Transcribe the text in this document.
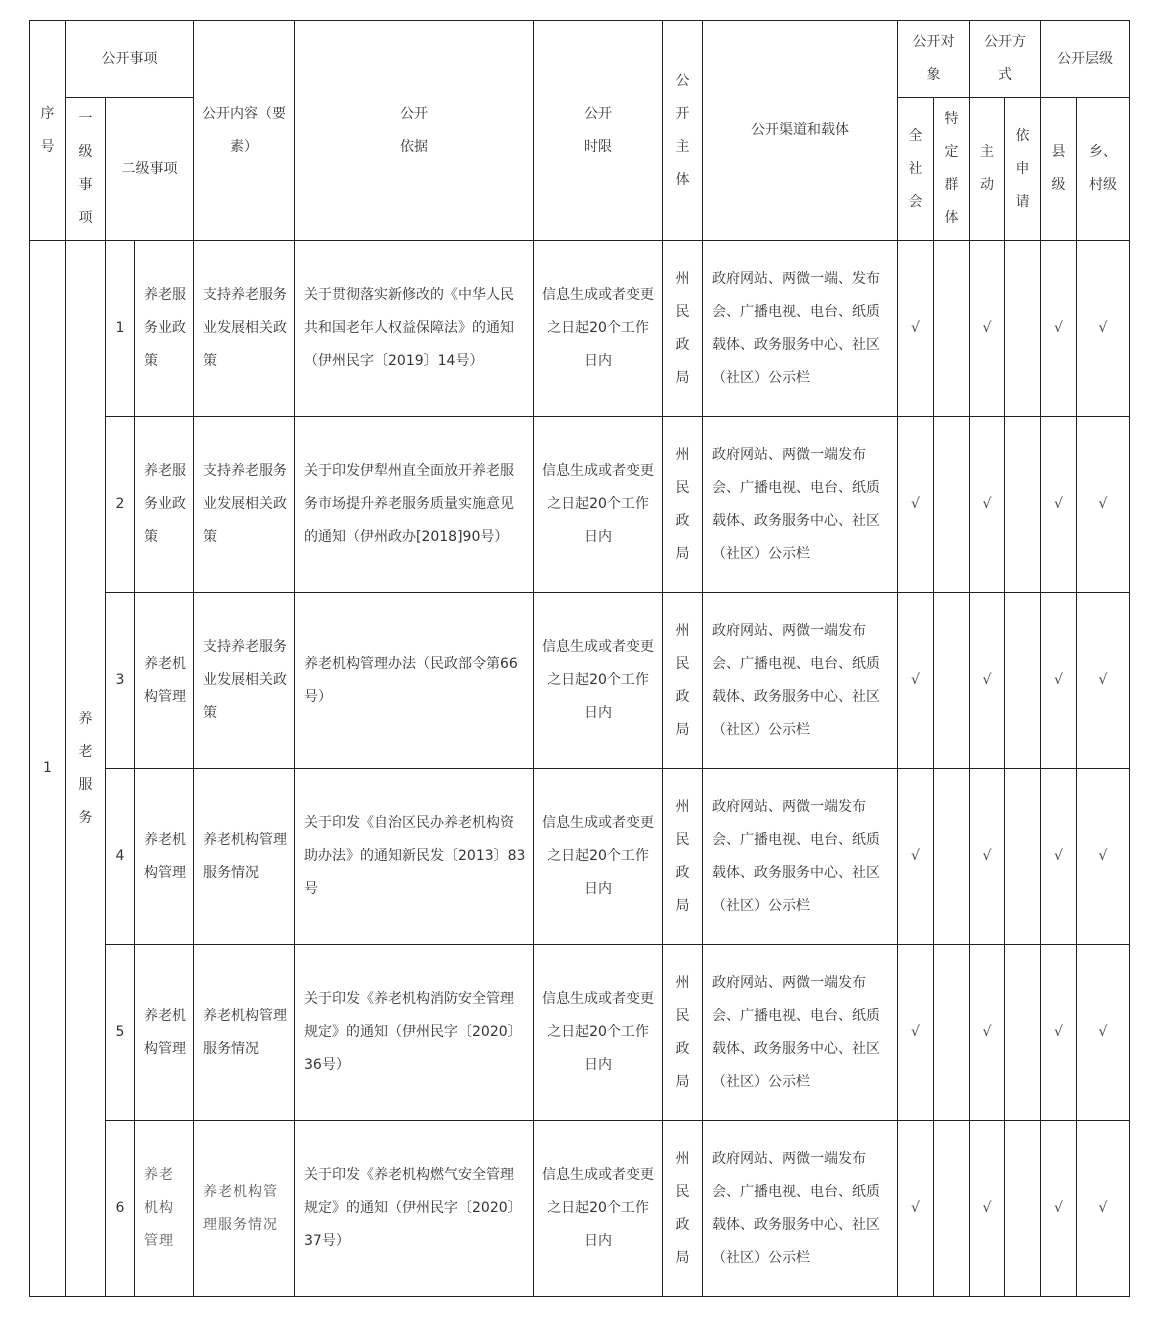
序号	公开事项			公开内容（要素）	公开依据	公开时限	公开主体	公开渠道和载体	公开对象		公开方式		公开层级	
	一级事项	二级事项							全社会	特定群体	主动	依申请	县级	乡、村级
1	养老服务	1	养老服务业政策	支持养老服务业发展相关政策	关于贯彻落实新修改的《中华人民共和国老年人权益保障法》的通知（伊州民字〔2019〕14号）	信息生成或者变更之日起20个工作日内	州民政局	政府网站、两微一端、发布会、广播电视、电台、纸质载体、政务服务中心、社区（社区）公示栏	√		√		√	√
		2	养老服务业政策	支持养老服务业发展相关政策	关于印发伊犁州直全面放开养老服务市场提升养老服务质量实施意见的通知（伊州政办[2018]90号）	信息生成或者变更之日起20个工作日内	州民政局	政府网站、两微一端发布会、广播电视、电台、纸质载体、政务服务中心、社区（社区）公示栏	√		√		√	√
		3	养老机构管理	支持养老服务业发展相关政策	养老机构管理办法（民政部令第66号）	信息生成或者变更之日起20个工作日内	州民政局	政府网站、两微一端发布会、广播电视、电台、纸质载体、政务服务中心、社区（社区）公示栏	√		√		√	√
		4	养老机构管理	养老机构管理服务情况	关于印发《自治区民办养老机构资助办法》的通知新民发〔2013〕83号	信息生成或者变更之日起20个工作日内	州民政局	政府网站、两微一端发布会、广播电视、电台、纸质载体、政务服务中心、社区（社区）公示栏	√		√		√	√
		5	养老机构管理	养老机构管理服务情况	关于印发《养老机构消防安全管理规定》的通知（伊州民字〔2020〕36号）	信息生成或者变更之日起20个工作日内	州民政局	政府网站、两微一端发布会、广播电视、电台、纸质载体、政务服务中心、社区（社区）公示栏	√		√		√	√
		6	养老机构管理	养老机构管理服务情况	关于印发《养老机构燃气安全管理规定》的通知（伊州民字〔2020〕37号）	信息生成或者变更之日起20个工作日内	州民政局	政府网站、两微一端发布会、广播电视、电台、纸质载体、政务服务中心、社区（社区）公示栏	√		√		√	√
